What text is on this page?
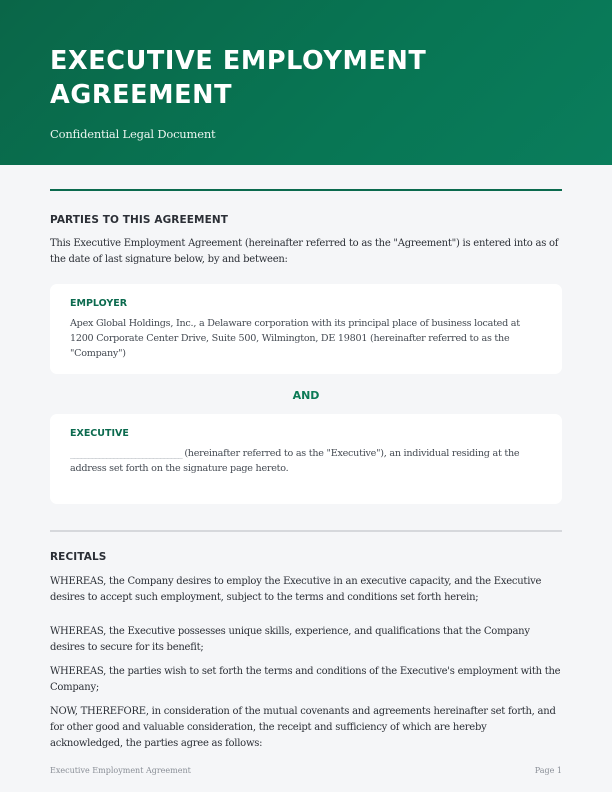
EXECUTIVE EMPLOYMENT AGREEMENT
Confidential Legal Document
PARTIES TO THIS AGREEMENT

This Executive Employment Agreement (hereinafter referred to as the "Agreement") is entered into as of the date of last signature below, by and between:

EMPLOYER

Apex Global Holdings, Inc., a Delaware corporation with its principal place of business located at 1200 Corporate Center Drive, Suite 500, Wilmington, DE 19801 (hereinafter referred to as the "Company")

AND
EXECUTIVE

_______________________________ (hereinafter referred to as the "Executive"), an individual residing at the address set forth on the signature page hereto.

RECITALS

WHEREAS, the Company desires to employ the Executive in an executive capacity, and the Executive desires to accept such employment, subject to the terms and conditions set forth herein;

WHEREAS, the Executive possesses unique skills, experience, and qualifications that the Company desires to secure for its benefit;

WHEREAS, the parties wish to set forth the terms and conditions of the Executive's employment with the Company;

NOW, THEREFORE, in consideration of the mutual covenants and agreements hereinafter set forth, and for other good and valuable consideration, the receipt and sufficiency of which are hereby acknowledged, the parties agree as follows:

Executive Employment Agreement	Page 1
